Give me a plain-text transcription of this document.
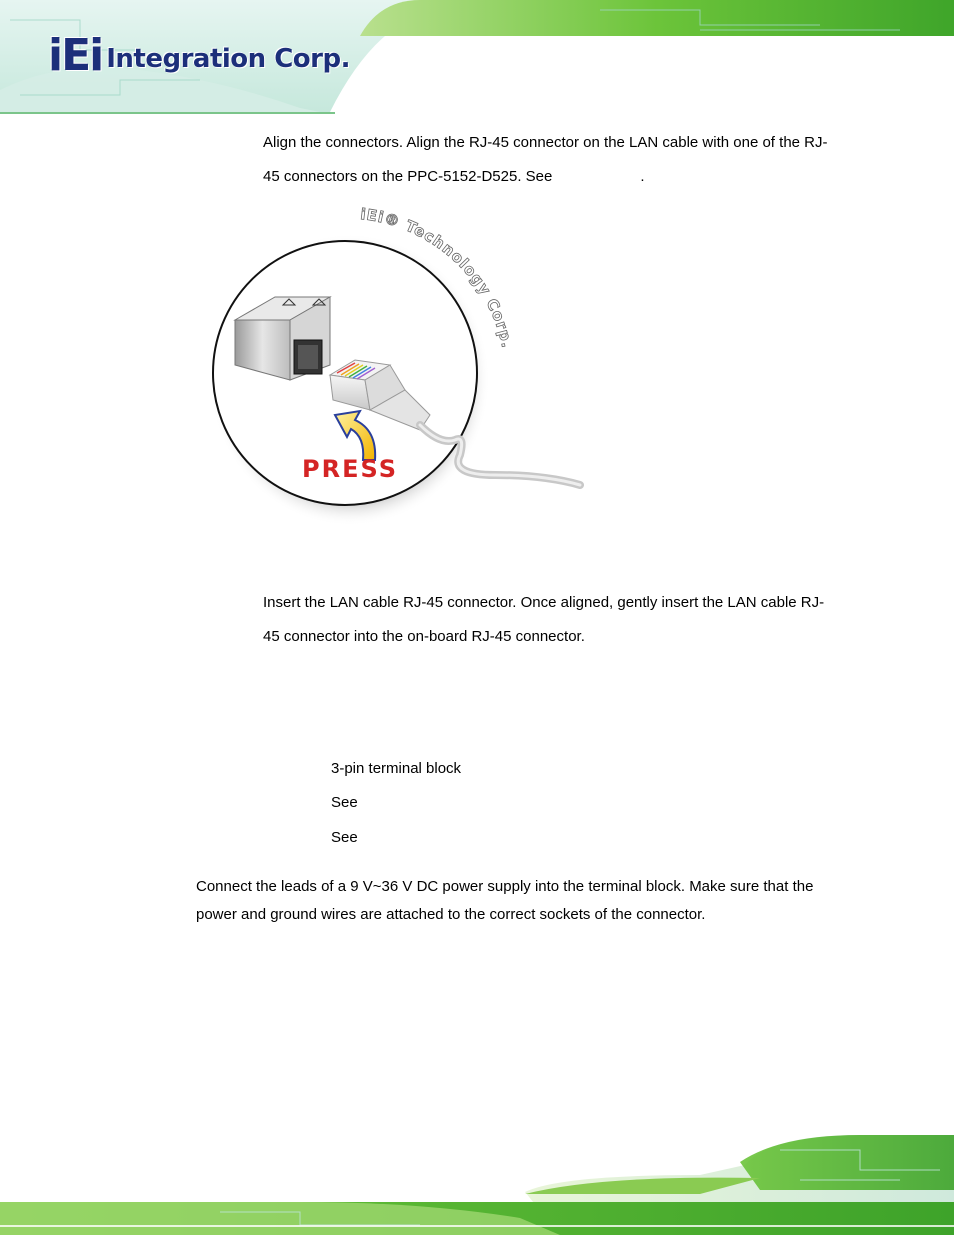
iEi Integration Corp.

Align the connectors. Align the RJ-45 connector on the LAN cable with one of the RJ-45 connectors on the PPC-5152-D525. See	.

PRESS
iEi® Technology Corp.

Insert the LAN cable RJ-45 connector. Once aligned, gently insert the LAN cable RJ-45 connector into the on-board RJ-45 connector.

3-pin terminal block

See

See

Connect the leads of a 9 V~36 V DC power supply into the terminal block. Make sure that the power and ground wires are attached to the correct sockets of the connector.
